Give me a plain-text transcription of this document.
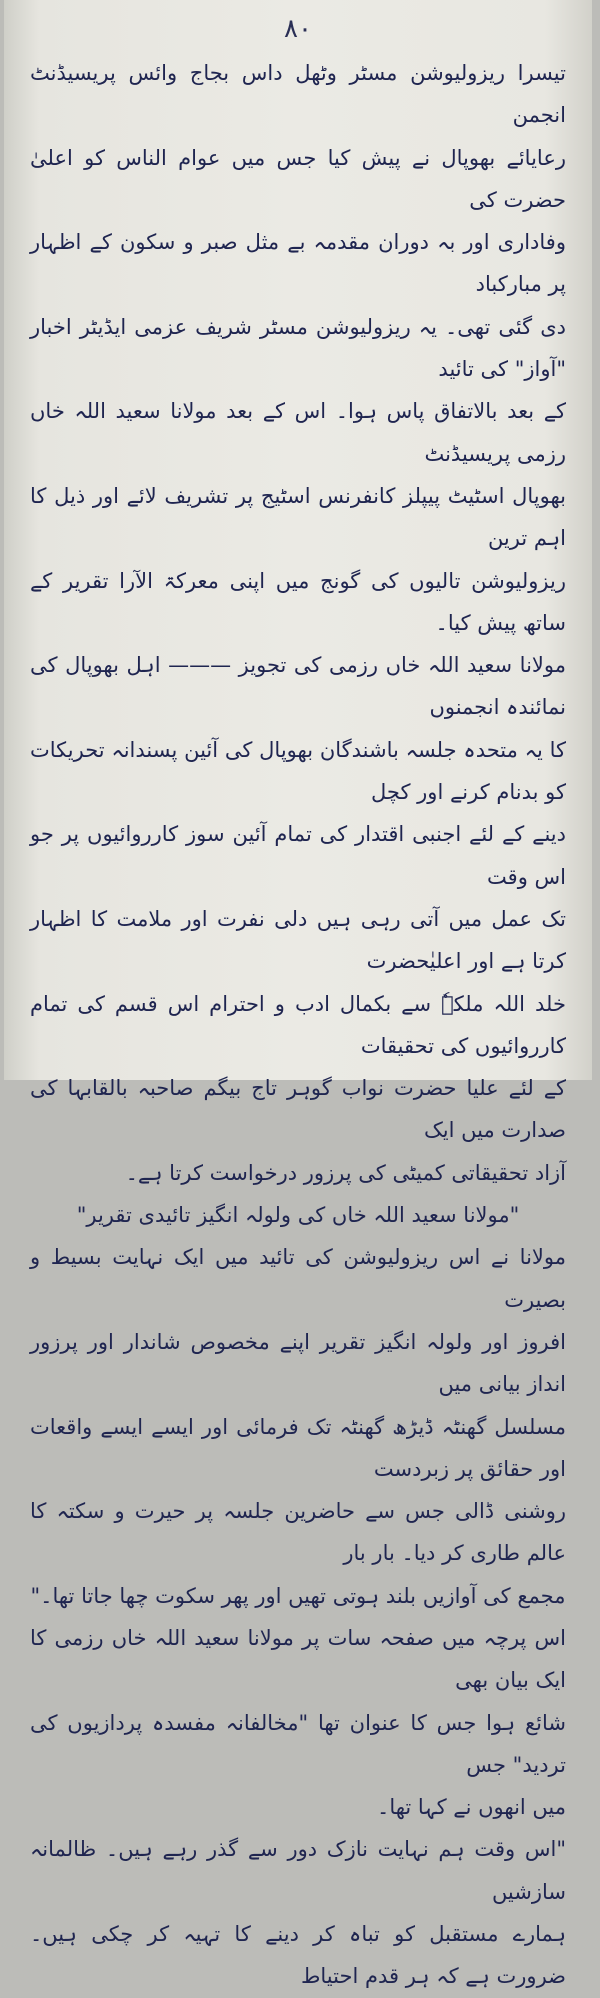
۸۰

تیسرا ریزولیوشن مسٹر وٹھل داس بجاج وائس پریسیڈنٹ انجمن

رعایائے بھوپال نے پیش کیا جس میں عوام الناس کو اعلیٰ حضرت کی

وفاداری اور بہ دوران مقدمہ بے مثل صبر و سکون کے اظہار پر مبارکباد

دی گئی تھی۔ یہ ریزولیوشن مسٹر شریف عزمی ایڈیٹر اخبار "آواز" کی تائید

کے بعد بالاتفاق پاس ہوا۔ اس کے بعد مولانا سعید اللہ خاں رزمی پریسیڈنٹ

بھوپال اسٹیٹ پیپلز کانفرنس اسٹیج پر تشریف لائے اور ذیل کا اہم ترین

ریزولیوشن تالیوں کی گونج میں اپنی معرکۃ الآرا تقریر کے ساتھ پیش کیا۔

مولانا سعید اللہ خاں رزمی کی تجویز ——— اہل بھوپال کی نمائندہ انجمنوں

کا یہ متحدہ جلسہ باشندگان بھوپال کی آئین پسندانہ تحریکات کو بدنام کرنے اور کچل

دینے کے لئے اجنبی اقتدار کی تمام آئین سوز کارروائیوں پر جو اس وقت

تک عمل میں آتی رہی ہیں دلی نفرت اور ملامت کا اظہار کرتا ہے اور اعلیٰحضرت

خلد اللہ ملکہٗ سے بکمال ادب و احترام اس قسم کی تمام کارروائیوں کی تحقیقات

کے لئے علیا حضرت نواب گوہر تاج بیگم صاحبہ بالقابہا کی صدارت میں ایک

آزاد تحقیقاتی کمیٹی کی پرزور درخواست کرتا ہے۔

"مولانا سعید اللہ خاں کی ولولہ انگیز تائیدی تقریر"

مولانا نے اس ریزولیوشن کی تائید میں ایک نہایت بسیط و بصیرت

افروز اور ولولہ انگیز تقریر اپنے مخصوص شاندار اور پرزور انداز بیانی میں

مسلسل گھنٹہ ڈیڑھ گھنٹہ تک فرمائی اور ایسے ایسے واقعات اور حقائق پر زبردست

روشنی ڈالی جس سے حاضرین جلسہ پر حیرت و سکتہ کا عالم طاری کر دیا۔ بار بار

مجمع کی آوازیں بلند ہوتی تھیں اور پھر سکوت چھا جاتا تھا۔"

اس پرچہ میں صفحہ سات پر مولانا سعید اللہ خاں رزمی کا ایک بیان بھی

شائع ہوا جس کا عنوان تھا "مخالفانہ مفسدہ پردازیوں کی تردید" جس

میں انھوں نے کہا تھا۔

"اس وقت ہم نہایت نازک دور سے گذر رہے ہیں۔ ظالمانہ سازشیں

ہمارے مستقبل کو تباہ کر دینے کا تہیہ کر چکی ہیں۔ ضرورت ہے کہ ہر قدم احتیاط
